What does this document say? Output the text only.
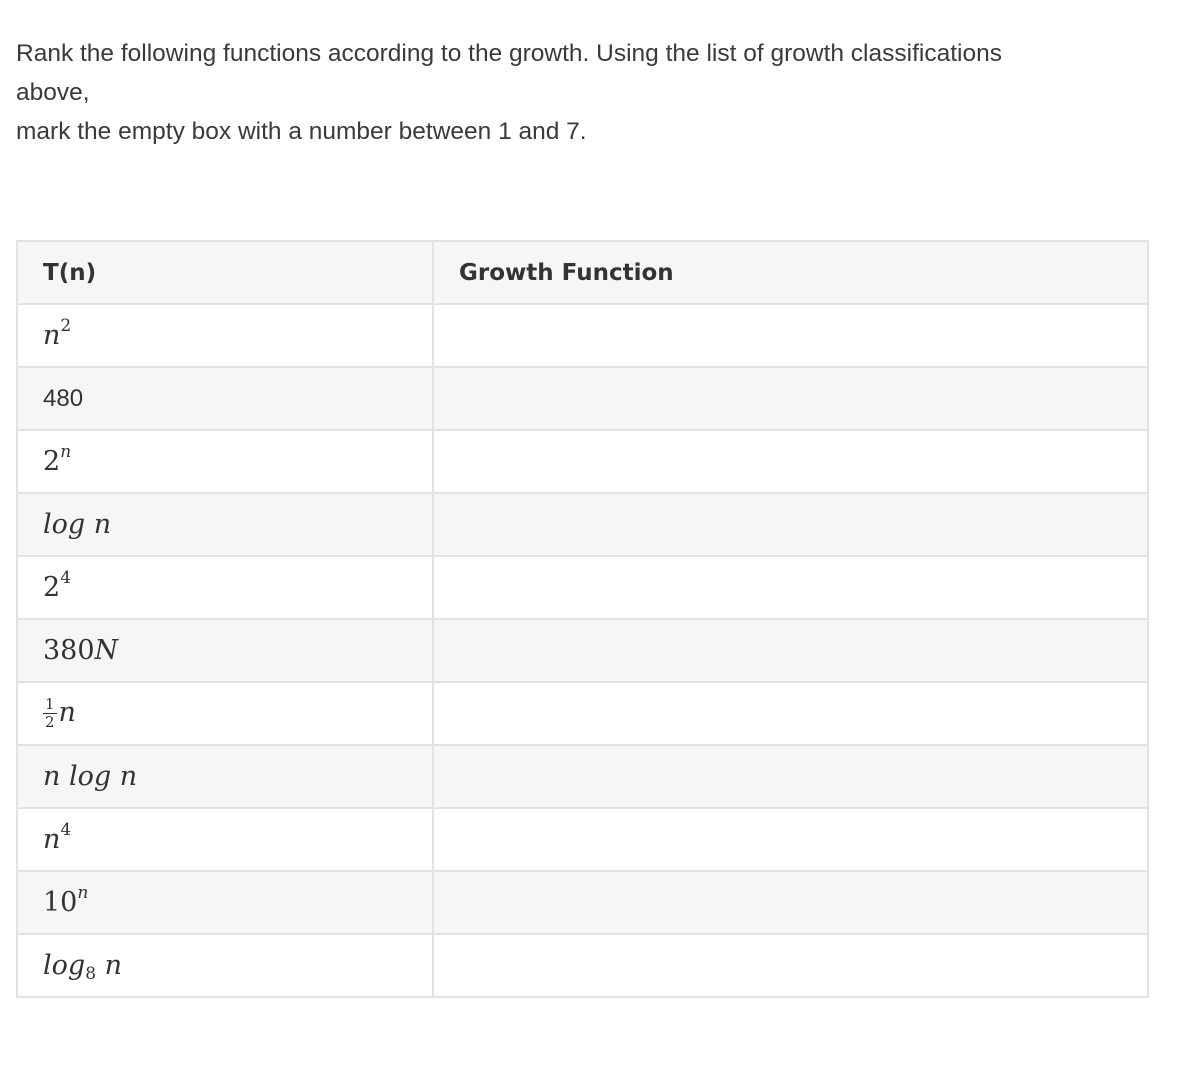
Rank the following functions according to the growth. Using the list of growth classifications
above,
mark the empty box with a number between 1 and 7.
T(n)	Growth Function
$n^2$	
480	
2$^n$	
log n	
$2^4$	
380N	

$\frac{1}{2}$ n	
n log n	
$n^4$	
10$^n$	
$\log_8 n$	
